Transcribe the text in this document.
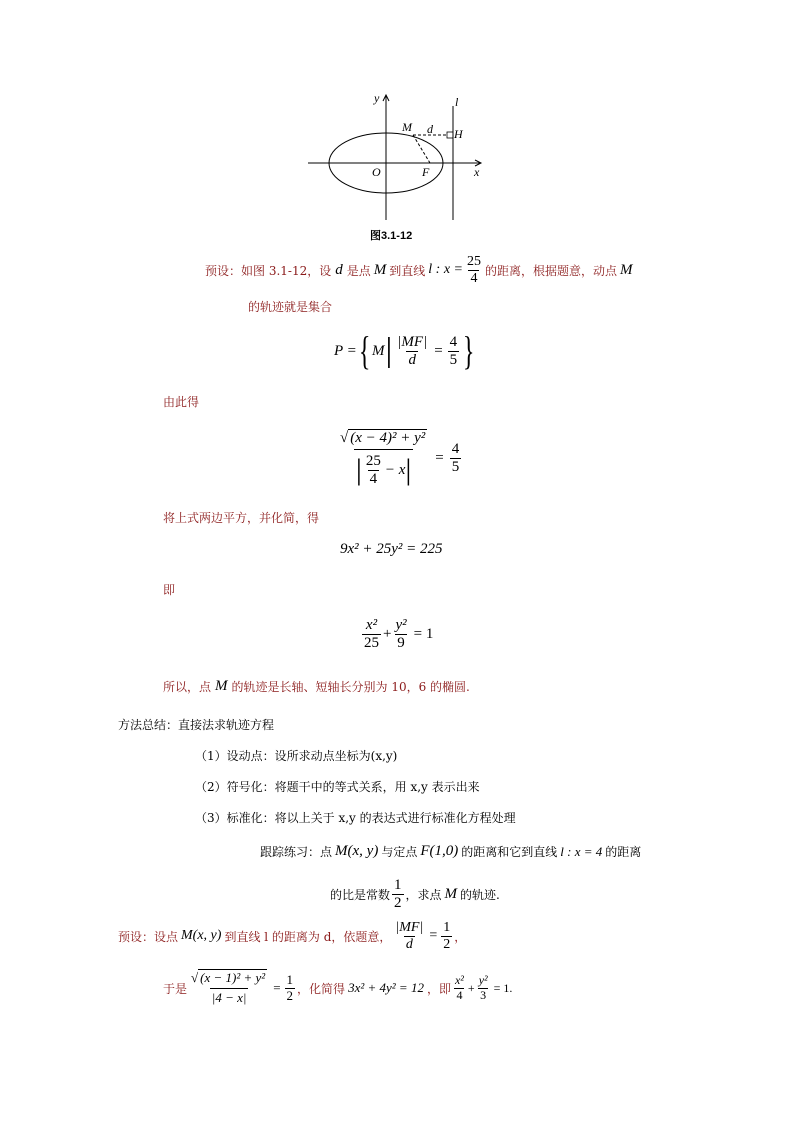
y
x
l
M d H
O	F
图3.1-12
预设：如图 3.1-12，设 d 是点 M 到直线 l : $x = \frac{25}{4}$ 的距离，根据题意，动点 M
的轨迹就是集合
P = { M | $\frac{|MF|}{d} = \frac{4}{5}$ }
由此得
$\frac{\text{√ (x − 4)² + y²}}{| \frac{25}{4} - x |} = \frac{4}{5}$
将上式两边平方，并化简，得
9x² + 25y² = 225
即
$\frac{\text{x²}}{25} + \frac{\text{y²}}{9} = 1$
所以，点 M 的轨迹是长轴、短轴长分别为 10，6 的椭圆.
方法总结：直接法求轨迹方程
（1）设动点：设所求动点坐标为(x,y)
（2）符号化：将题干中的等式关系，用 x,y 表示出来
（3）标准化：将以上关于 x,y 的表达式进行标准化方程处理
跟踪练习：点 M(x, y) 与定点 F(1,0) 的距离和它到直线 l : x = 4 的距离
的比是常数 $\frac{1}{2}$ ，求点 M 的轨迹.
预设：设点 M(x, y) 到直线 l 的距离为 d，依题意， $\frac{|MF|}{d} = \frac{1}{2}$ ，
于是 $\frac{\text{√ (x − 1)² + y²}}{|4 - x|} = \frac{1}{2}$ ，化简得 3x² + 4y² = 12 ，即 $\frac{\text{x²}}{4} + \frac{\text{y²}}{3} = 1$.
